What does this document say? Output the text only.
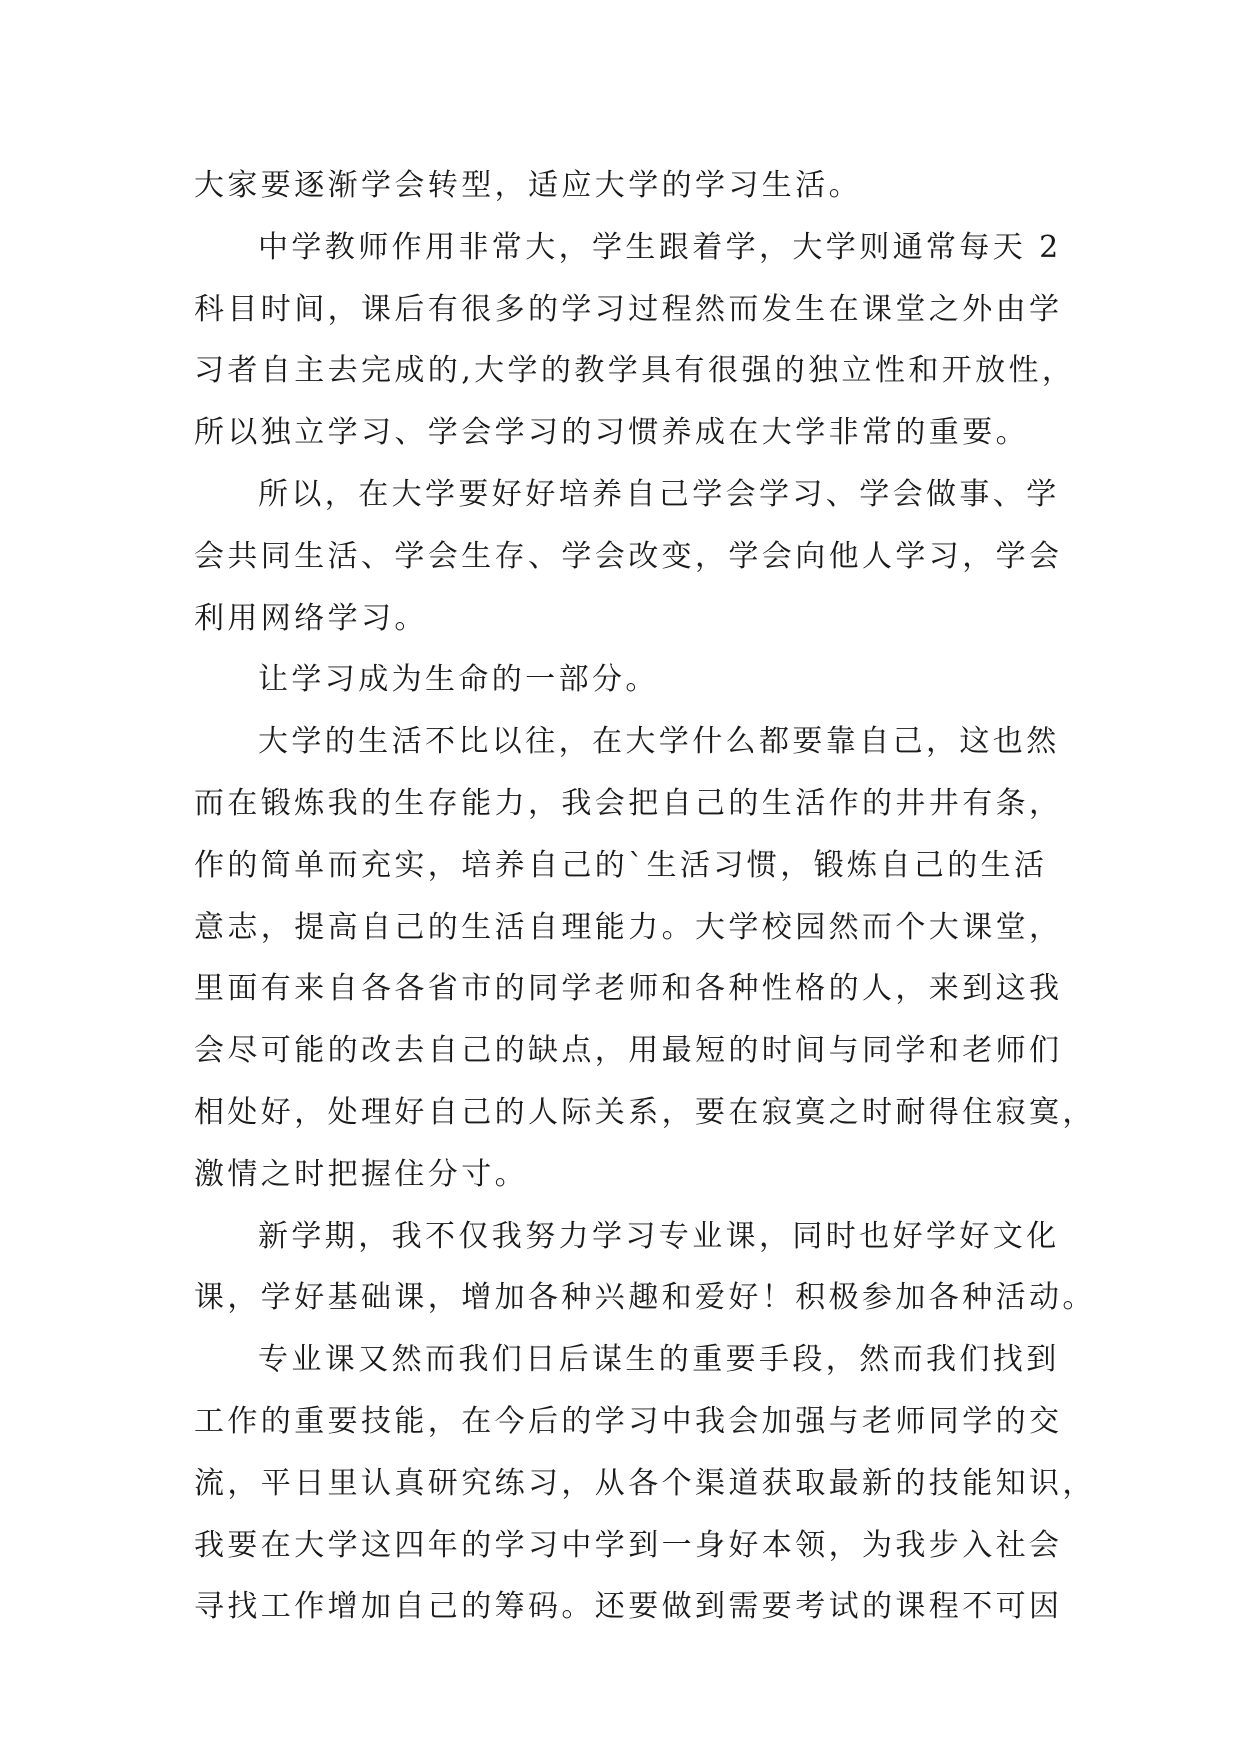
大家要逐渐学会转型，适应大学的学习生活。
中学教师作用非常大，学生跟着学，大学则通常每天 2
科目时间，课后有很多的学习过程然而发生在课堂之外由学
习者自主去完成的,大学的教学具有很强的独立性和开放性，
所以独立学习、学会学习的习惯养成在大学非常的重要。
所以，在大学要好好培养自己学会学习、学会做事、学
会共同生活、学会生存、学会改变，学会向他人学习，学会
利用网络学习。
让学习成为生命的一部分。
大学的生活不比以往，在大学什么都要靠自己，这也然
而在锻炼我的生存能力，我会把自己的生活作的井井有条，
作的简单而充实，培养自己的`生活习惯，锻炼自己的生活
意志，提高自己的生活自理能力。大学校园然而个大课堂，
里面有来自各各省市的同学老师和各种性格的人，来到这我
会尽可能的改去自己的缺点，用最短的时间与同学和老师们
相处好，处理好自己的人际关系，要在寂寞之时耐得住寂寞，
激情之时把握住分寸。
新学期，我不仅我努力学习专业课，同时也好学好文化
课，学好基础课，增加各种兴趣和爱好！积极参加各种活动。
专业课又然而我们日后谋生的重要手段，然而我们找到
工作的重要技能，在今后的学习中我会加强与老师同学的交
流，平日里认真研究练习，从各个渠道获取最新的技能知识，
我要在大学这四年的学习中学到一身好本领，为我步入社会
寻找工作增加自己的筹码。还要做到需要考试的课程不可因
